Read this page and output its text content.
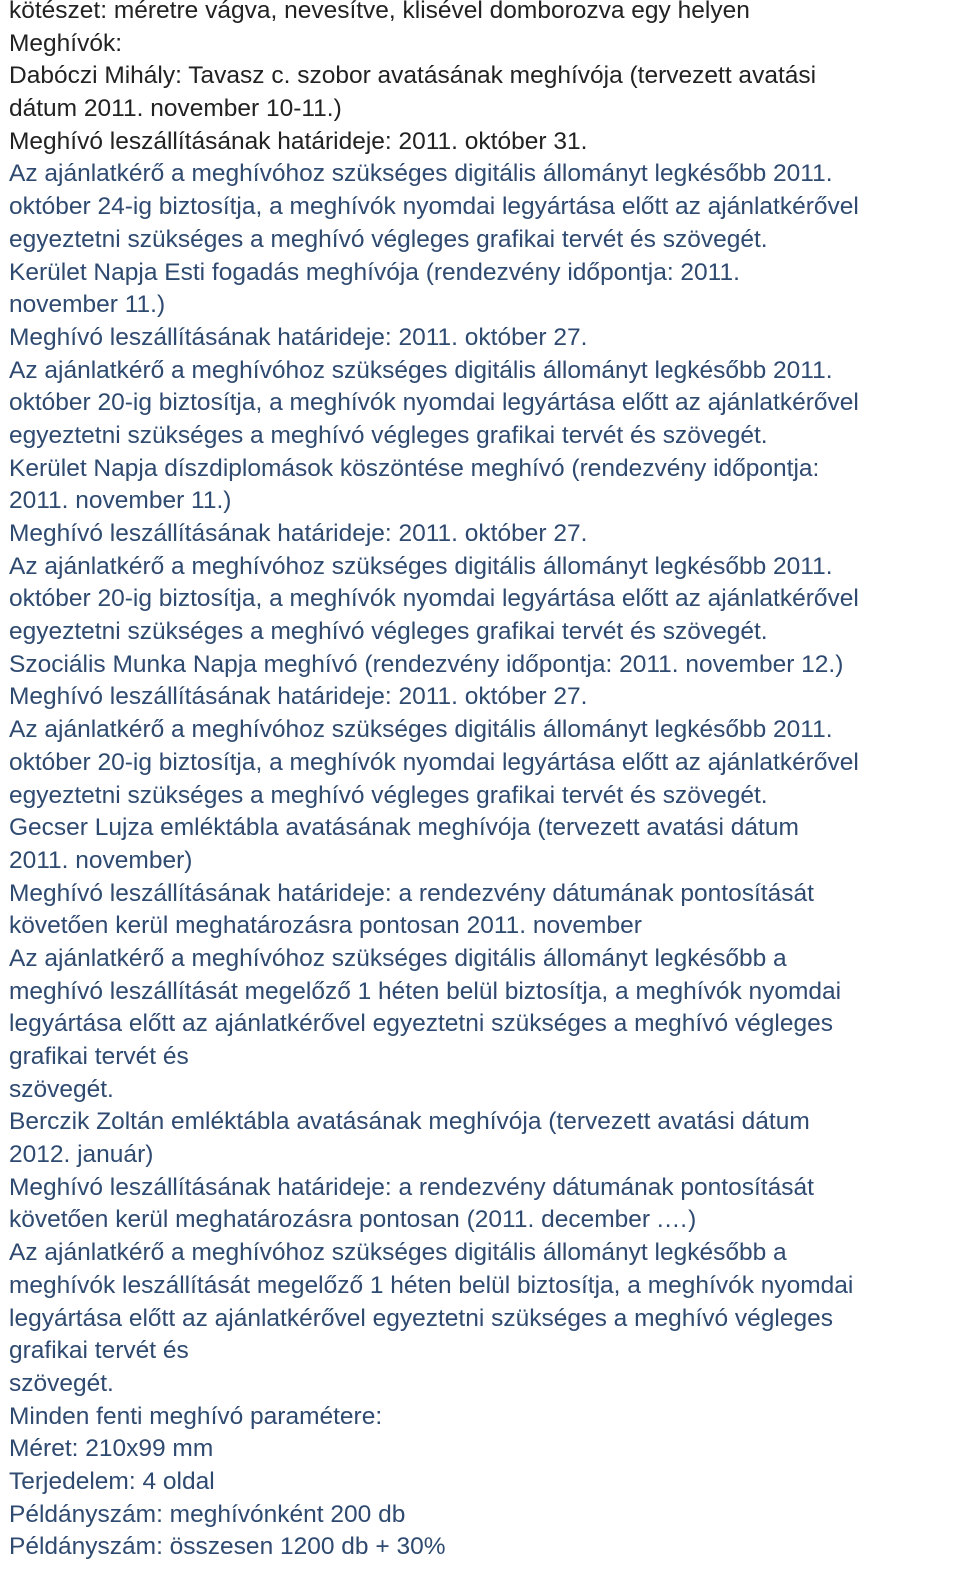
kötészet: méretre vágva, nevesítve, klisével domborozva egy helyen
Meghívók:
Dabóczi Mihály: Tavasz c. szobor avatásának meghívója (tervezett avatási
dátum 2011. november 10-11.)
Meghívó leszállításának határideje: 2011. október 31.
Az ajánlatkérő a meghívóhoz szükséges digitális állományt legkésőbb 2011.
október 24-ig biztosítja, a meghívók nyomdai legyártása előtt az ajánlatkérővel
egyeztetni szükséges a meghívó végleges grafikai tervét és szövegét.
Kerület Napja Esti fogadás meghívója (rendezvény időpontja: 2011.
november 11.)
Meghívó leszállításának határideje: 2011. október 27.
Az ajánlatkérő a meghívóhoz szükséges digitális állományt legkésőbb 2011.
október 20-ig biztosítja, a meghívók nyomdai legyártása előtt az ajánlatkérővel
egyeztetni szükséges a meghívó végleges grafikai tervét és szövegét.
Kerület Napja díszdiplomások köszöntése meghívó (rendezvény időpontja:
2011. november 11.)
Meghívó leszállításának határideje: 2011. október 27.
Az ajánlatkérő a meghívóhoz szükséges digitális állományt legkésőbb 2011.
október 20-ig biztosítja, a meghívók nyomdai legyártása előtt az ajánlatkérővel
egyeztetni szükséges a meghívó végleges grafikai tervét és szövegét.
Szociális Munka Napja meghívó (rendezvény időpontja: 2011. november 12.)
Meghívó leszállításának határideje: 2011. október 27.
Az ajánlatkérő a meghívóhoz szükséges digitális állományt legkésőbb 2011.
október 20-ig biztosítja, a meghívók nyomdai legyártása előtt az ajánlatkérővel
egyeztetni szükséges a meghívó végleges grafikai tervét és szövegét.
Gecser Lujza emléktábla avatásának meghívója (tervezett avatási dátum
2011. november)
Meghívó leszállításának határideje: a rendezvény dátumának pontosítását
követően kerül meghatározásra pontosan 2011. november
Az ajánlatkérő a meghívóhoz szükséges digitális állományt legkésőbb a
meghívó leszállítását megelőző 1 héten belül biztosítja, a meghívók nyomdai
legyártása előtt az ajánlatkérővel egyeztetni szükséges a meghívó végleges
grafikai tervét és
szövegét.
Berczik Zoltán emléktábla avatásának meghívója (tervezett avatási dátum
2012. január)
Meghívó leszállításának határideje: a rendezvény dátumának pontosítását
követően kerül meghatározásra pontosan (2011. december .…)
Az ajánlatkérő a meghívóhoz szükséges digitális állományt legkésőbb a
meghívók leszállítását megelőző 1 héten belül biztosítja, a meghívók nyomdai
legyártása előtt az ajánlatkérővel egyeztetni szükséges a meghívó végleges
grafikai tervét és
szövegét.
Minden fenti meghívó paramétere:
Méret: 210x99 mm
Terjedelem: 4 oldal
Példányszám: meghívónként 200 db
Példányszám: összesen 1200 db + 30%
